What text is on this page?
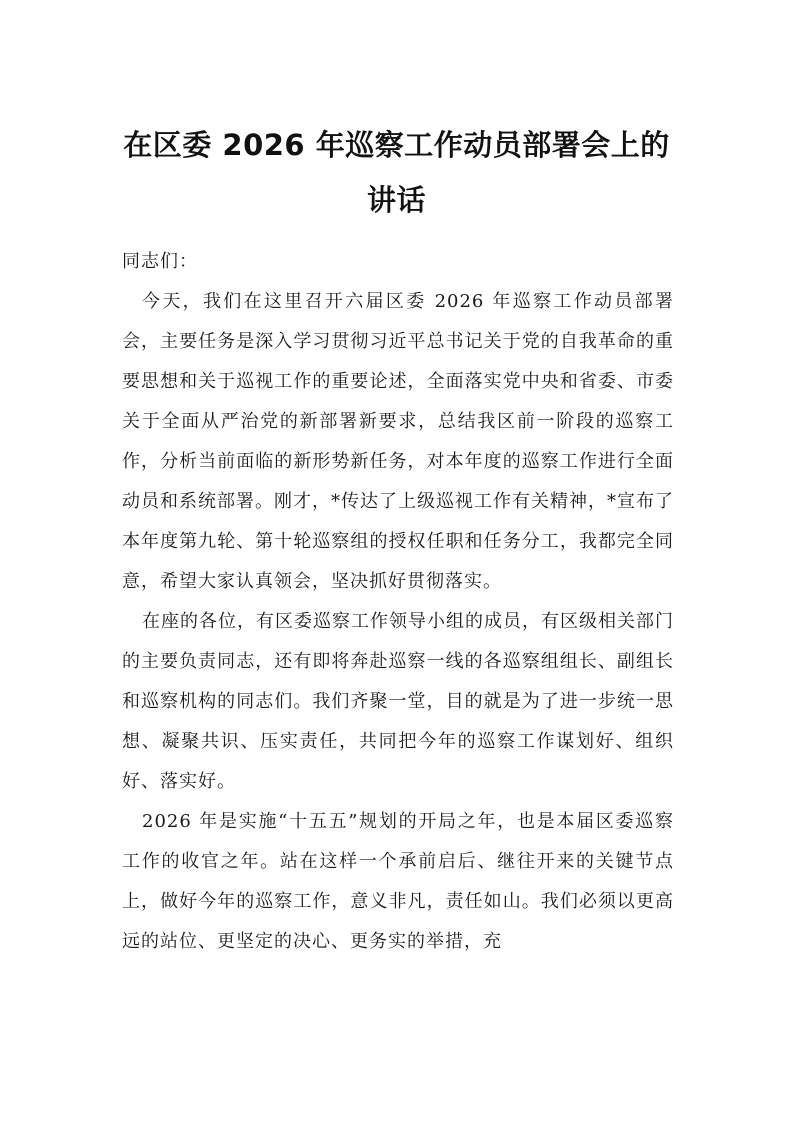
在区委 2026 年巡察工作动员部署会上的讲话

同志们：

今天，我们在这里召开六届区委 2026 年巡察工作动员部署会，主要任务是深入学习贯彻习近平总书记关于党的自我革命的重要思想和关于巡视工作的重要论述，全面落实党中央和省委、市委关于全面从严治党的新部署新要求，总结我区前一阶段的巡察工作，分析当前面临的新形势新任务，对本年度的巡察工作进行全面动员和系统部署。刚才，*传达了上级巡视工作有关精神，*宣布了本年度第九轮、第十轮巡察组的授权任职和任务分工，我都完全同意，希望大家认真领会，坚决抓好贯彻落实。

在座的各位，有区委巡察工作领导小组的成员，有区级相关部门的主要负责同志，还有即将奔赴巡察一线的各巡察组组长、副组长和巡察机构的同志们。我们齐聚一堂，目的就是为了进一步统一思想、凝聚共识、压实责任，共同把今年的巡察工作谋划好、组织好、落实好。

2026 年是实施“十五五”规划的开局之年，也是本届区委巡察工作的收官之年。站在这样一个承前启后、继往开来的关键节点上，做好今年的巡察工作，意义非凡，责任如山。我们必须以更高远的站位、更坚定的决心、更务实的举措，充
